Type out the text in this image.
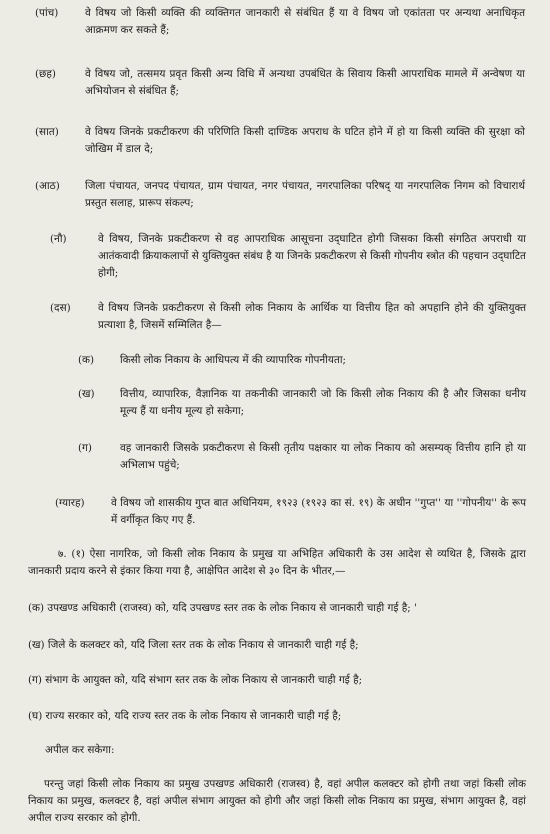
(पांच)	वे विषय जो किसी व्यक्ति की व्यक्तिगत जानकारी से संबंधित हैं या वे विषय जो एकांतता पर अन्यथा अनाधिकृत आक्रमण कर सकते हैं;
(छह)	वे विषय जो, तत्समय प्रवृत किसी अन्य विधि में अन्यथा उपबंधित के सिवाय किसी आपराधिक मामले में अन्वेषण या अभियोजन से संबंधित हैं;
(सात)	वे विषय जिनके प्रकटीकरण की परिणिति किसी दाण्डिक अपराध के घटित होने में हो या किसी व्यक्ति की सुरक्षा को जोखिम में डाल दे;
(आठ) जिला पंचायत, जनपद पंचायत, ग्राम पंचायत, नगर पंचायत, नगरपालिका परिषद् या नगरपालिक निगम को विचारार्थ प्रस्तुत सलाह, प्रारूप संकल्प;
(नौ)	वे विषय, जिनके प्रकटीकरण से वह आपराधिक आसूचना उद्‌घाटित होगी जिसका किसी संगठित अपराधी या आतंकवादी क्रियाकलापों से युक्तियुक्त संबंध है या जिनके प्रकटीकरण से किसी गोपनीय स्त्रोत की पहचान उद्‌घाटित होगी;
(दस)	वे विषय जिनके प्रकटीकरण से किसी लोक निकाय के आर्थिक या वित्तीय हित को अपहानि होने की युक्तियुक्त प्रत्याशा है, जिसमें सम्मिलित है—
(क) किसी लोक निकाय के आधिपत्य में की व्यापारिक गोपनीयता;
(ख) वित्तीय, व्यापारिक, वैज्ञानिक या तकनीकी जानकारी जो कि किसी लोक निकाय की है और जिसका धनीय मूल्य हैं या धनीय मूल्य हो सकेगा;
(ग)	वह जानकारी जिसके प्रकटीकरण से किसी तृतीय पक्षकार या लोक निकाय को असम्यक् वित्तीय हानि हो या अभिलाभ पहुंचे;
(ग्यारह)	वे विषय जो शासकीय गुप्त बात अधिनियम, १९२३ (१९२३ का सं. १९) के अधीन ''गुप्त'' या ''गोपनीय'' के रूप में वर्गीकृत किए गए हैं.
७. (१) ऐसा नागरिक, जो किसी लोक निकाय के प्रमुख या अभिहित अधिकारी के उस आदेश से व्यथित है, जिसके द्वारा जानकारी प्रदाय करने से इंकार किया गया है, आक्षेपित आदेश से ३० दिन के भीतर,—
(क) उपखण्ड अधिकारी (राजस्व) को, यदि उपखण्ड स्तर तक के लोक निकाय से जानकारी चाही गई है; '
(ख) जिले के कलक्टर को, यदि जिला स्तर तक के लोक निकाय से जानकारी चाही गई है;
(ग) संभाग के आयुक्त को, यदि संभाग स्तर तक के लोक निकाय से जानकारी चाही गई है;
(घ) राज्य सरकार को, यदि राज्य स्तर तक के लोक निकाय से जानकारी चाही गई है;
अपील कर सकेगा:
परन्तु जहां किसी लोक निकाय का प्रमुख उपखण्ड अधिकारी (राजस्व) है, वहां अपील कलक्टर को होगी तथा जहां किसी लोक निकाय का प्रमुख, कलक्टर है, वहां अपील संभाग आयुक्त को होगी और जहां किसी लोक निकाय का प्रमुख, संभाग आयुक्त है, वहां अपील राज्य सरकार को होगी.
